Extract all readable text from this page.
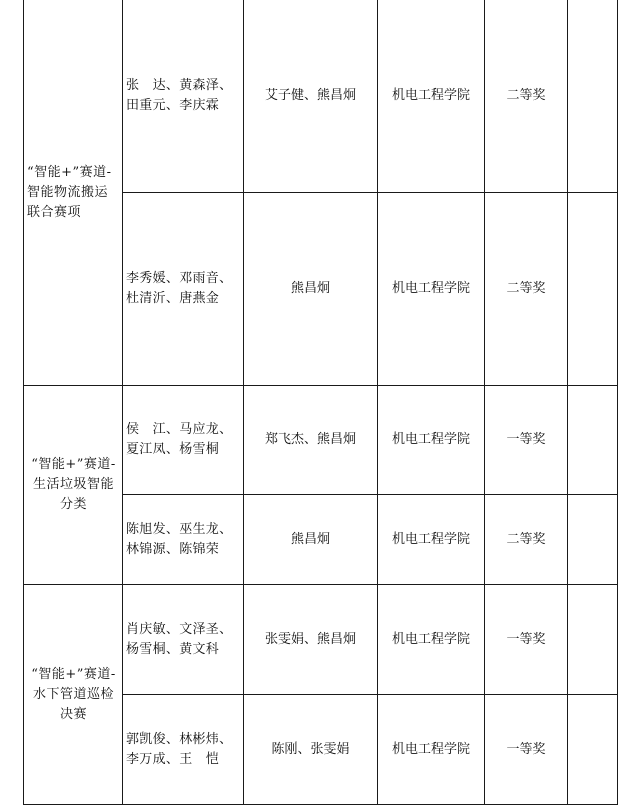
“智能+”赛道-智能物流搬运联合赛项
张　达、黄森泽、
田重元、李庆霖
艾子健、熊昌炯	机电工程学院	二等奖
李秀媛、邓雨音、
杜清沂、唐燕金
熊昌炯	机电工程学院	二等奖
“智能+”赛道-生活垃圾智能分类
侯　江、马应龙、
夏江凤、杨雪桐
郑飞杰、熊昌炯	机电工程学院	一等奖
陈旭发、巫生龙、
林锦源、陈锦荣
熊昌炯	机电工程学院	二等奖
“智能+”赛道-水下管道巡检决赛
肖庆敏、文泽圣、
杨雪桐、黄文科
张雯娟、熊昌炯	机电工程学院	一等奖
郭凯俊、林彬炜、
李万成、王　恺
陈刚、张雯娟	机电工程学院	一等奖
